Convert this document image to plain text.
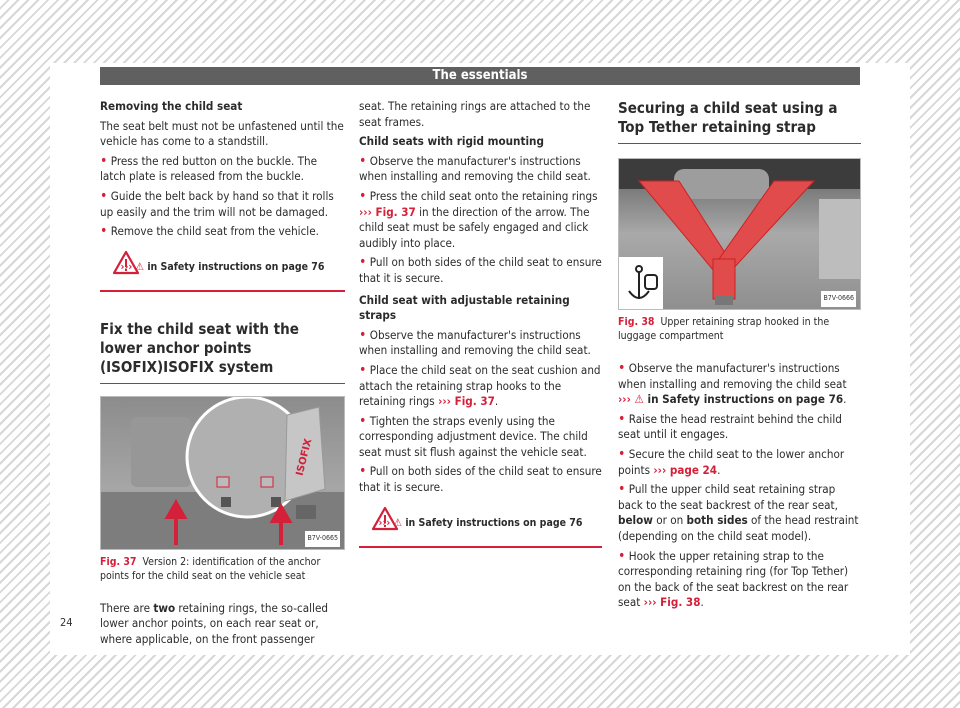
The essentials

Removing the child seat

The seat belt must not be unfastened until the vehicle has come to a standstill.

• Press the red button on the buckle. The latch plate is released from the buckle.

• Guide the belt back by hand so that it rolls up easily and the trim will not be damaged.

• Remove the child seat from the vehicle.

››› ⚠ in Safety instructions on page 76
Fix the child seat with the lower anchor points (ISOFIX)ISOFIX system
ISOFIX
B7V-0665
Fig. 37 Version 2: identification of the anchor points for the child seat on the vehicle seat

There are two retaining rings, the so-called lower anchor points, on each rear seat or, where applicable, on the front passenger

seat. The retaining rings are attached to the seat frames.

Child seats with rigid mounting

• Observe the manufacturer's instructions when installing and removing the child seat.

• Press the child seat onto the retaining rings ››› Fig. 37 in the direction of the arrow. The child seat must be safely engaged and click audibly into place.

• Pull on both sides of the child seat to ensure that it is secure.

Child seat with adjustable retaining straps

• Observe the manufacturer's instructions when installing and removing the child seat.

• Place the child seat on the seat cushion and attach the retaining strap hooks to the retaining rings ››› Fig. 37.

• Tighten the straps evenly using the corresponding adjustment device. The child seat must sit flush against the vehicle seat.

• Pull on both sides of the child seat to ensure that it is secure.

››› ⚠ in Safety instructions on page 76
Securing a child seat using a Top Tether retaining strap
B7V-0666
Fig. 38 Upper retaining strap hooked in the luggage compartment

• Observe the manufacturer's instructions when installing and removing the child seat ››› ⚠ in Safety instructions on page 76.

• Raise the head restraint behind the child seat until it engages.

• Secure the child seat to the lower anchor points ››› page 24.

• Pull the upper child seat retaining strap back to the seat backrest of the rear seat, below or on both sides of the head restraint (depending on the child seat model).

• Hook the upper retaining strap to the corresponding retaining ring (for Top Tether) on the back of the seat backrest on the rear seat ››› Fig. 38.

24
